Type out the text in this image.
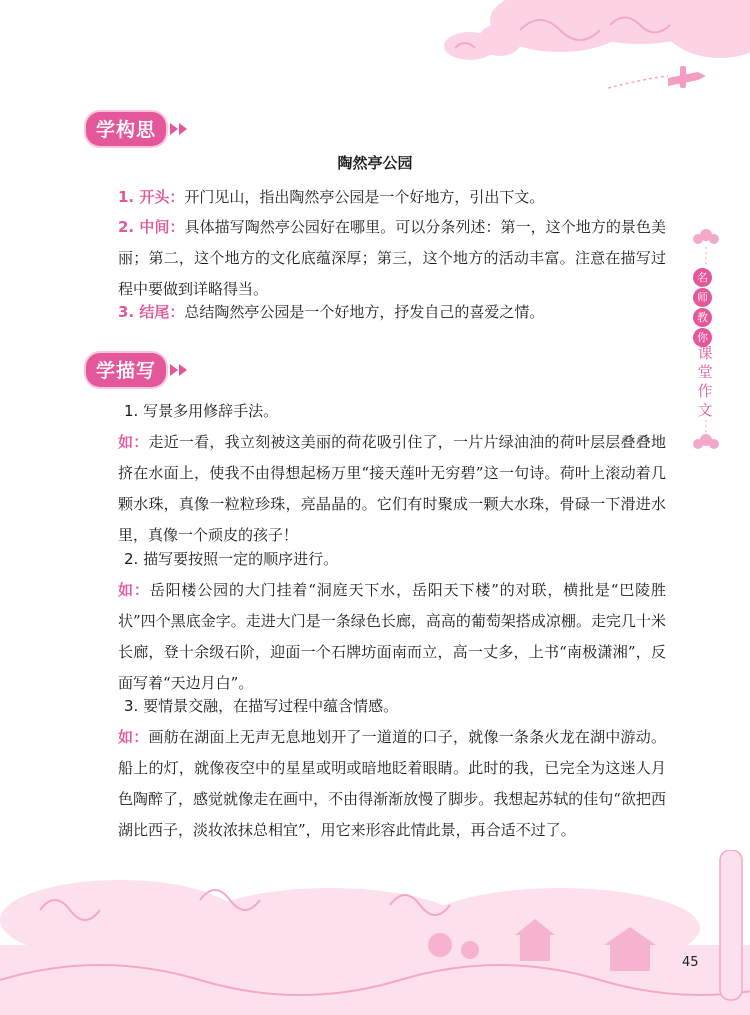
名
师
教
你
课堂作文
学构思
陶然亭公园
1. 开头：开门见山，指出陶然亭公园是一个好地方，引出下文。
2. 中间：具体描写陶然亭公园好在哪里。可以分条列述：第一，这个地方的景色美丽；第二，这个地方的文化底蕴深厚；第三，这个地方的活动丰富。注意在描写过程中要做到详略得当。
3. 结尾：总结陶然亭公园是一个好地方，抒发自己的喜爱之情。
学描写
1. 写景多用修辞手法。
如：走近一看，我立刻被这美丽的荷花吸引住了，一片片绿油油的荷叶层层叠叠地挤在水面上，使我不由得想起杨万里“接天莲叶无穷碧”这一句诗。荷叶上滚动着几颗水珠，真像一粒粒珍珠，亮晶晶的。它们有时聚成一颗大水珠，骨碌一下滑进水里，真像一个顽皮的孩子！
2. 描写要按照一定的顺序进行。
如：岳阳楼公园的大门挂着“洞庭天下水，岳阳天下楼”的对联，横批是“巴陵胜状”四个黑底金字。走进大门是一条绿色长廊，高高的葡萄架搭成凉棚。走完几十米长廊，登十余级石阶，迎面一个石牌坊面南而立，高一丈多，上书“南极潇湘”，反面写着“天边月白”。
3. 要情景交融，在描写过程中蕴含情感。
如：画舫在湖面上无声无息地划开了一道道的口子，就像一条条火龙在湖中游动。船上的灯，就像夜空中的星星或明或暗地眨着眼睛。此时的我，已完全为这迷人月色陶醉了，感觉就像走在画中，不由得渐渐放慢了脚步。我想起苏轼的佳句“欲把西湖比西子，淡妆浓抹总相宜”，用它来形容此情此景，再合适不过了。
45
